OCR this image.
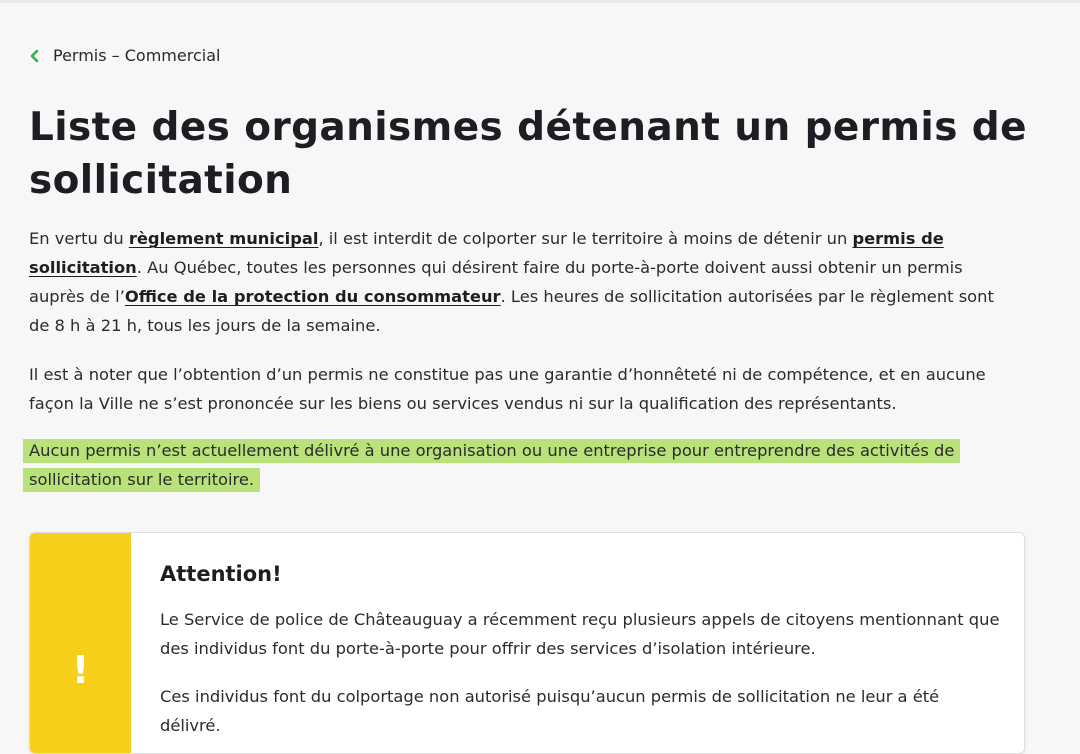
Permis – Commercial
Liste des organismes détenant un permis de sollicitation

En vertu du règlement municipal, il est interdit de colporter sur le territoire à moins de détenir un permis de sollicitation. Au Québec, toutes les personnes qui désirent faire du porte-à-porte doivent aussi obtenir un permis auprès de l’Office de la protection du consommateur. Les heures de sollicitation autorisées par le règlement sont de 8 h à 21 h, tous les jours de la semaine.

Il est à noter que l’obtention d’un permis ne constitue pas une garantie d’honnêteté ni de compétence, et en aucune façon la Ville ne s’est prononcée sur les biens ou services vendus ni sur la qualification des représentants.

Aucun permis n’est actuellement délivré à une organisation ou une entreprise pour entreprendre des activités de sollicitation sur le territoire.

!
Attention!

Le Service de police de Châteauguay a récemment reçu plusieurs appels de citoyens mentionnant que des individus font du porte-à-porte pour offrir des services d’isolation intérieure.

Ces individus font du colportage non autorisé puisqu’aucun permis de sollicitation ne leur a été délivré.
